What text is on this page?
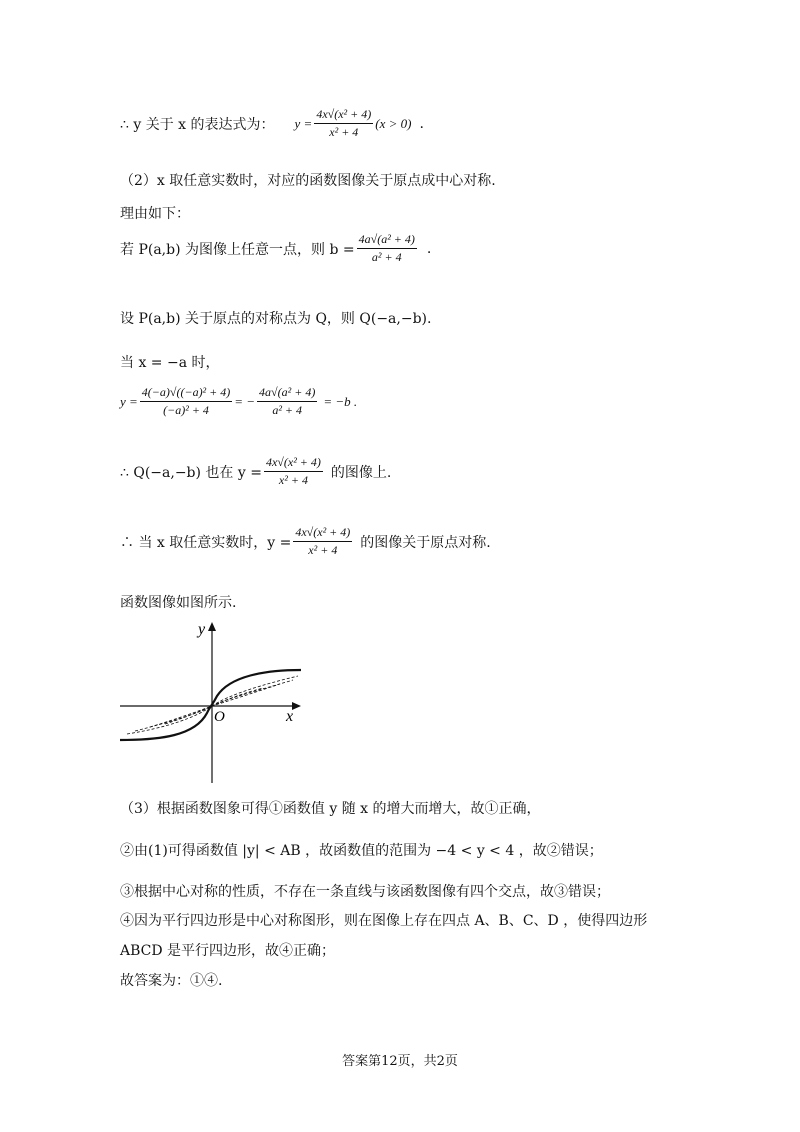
∴ y 关于 x 的表达式为： $y = \frac{\text{4x√(x² + 4)}}{\text{x² + 4}} (x > 0)$ .
（2）x 取任意实数时，对应的函数图像关于原点成中心对称.
理由如下：
若 P(a,b) 为图像上任意一点，则 $b = \frac{\text{4a√(a² + 4)}}{\text{a² + 4}}$ .
设 P(a,b) 关于原点的对称点为 Q，则 Q(−a,−b).
当 x = −a 时，
$y = \frac{\text{4(−a)√((−a)² + 4)}}{\text{(−a)² + 4}}$ = − $\frac{\text{4a√(a² + 4)}}{\text{a² + 4}} = -b$ .
∴ Q(−a,−b) 也在 $y = \frac{\text{4x√(x² + 4)}}{\text{x² + 4}}$ 的图像上.
∴ 当 x 取任意实数时，$y = \frac{\text{4x√(x² + 4)}}{\text{x² + 4}}$ 的图像关于原点对称.
函数图像如图所示.
y
x
O
（3）根据函数图象可得①函数值 y 随 x 的增大而增大，故①正确，
②由(1)可得函数值 |y| < AB ，故函数值的范围为 −4 < y < 4 ，故②错误；
③根据中心对称的性质，不存在一条直线与该函数图像有四个交点，故③错误；
④因为平行四边形是中心对称图形，则在图像上存在四点 A、B、C、D ，使得四边形
ABCD 是平行四边形，故④正确；
故答案为：①④.
答案第12页，共2页
